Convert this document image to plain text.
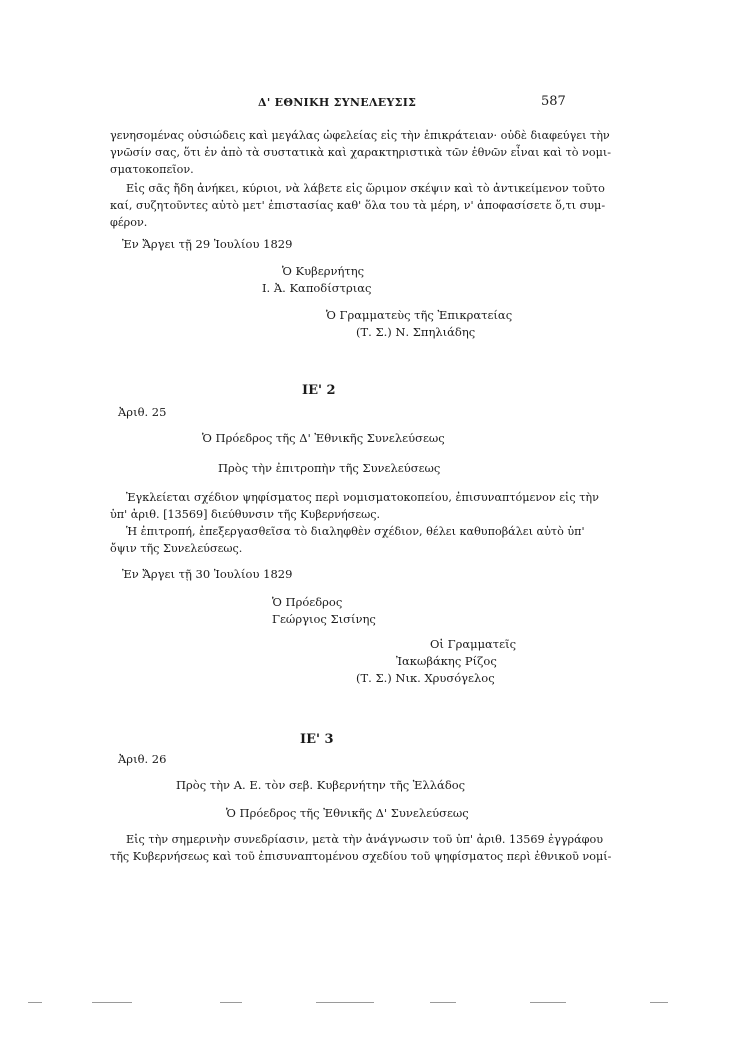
Δ' ΕΘΝΙΚΗ ΣΥΝΕΛΕΥΣΙΣ	587
γενησομένας οὐσιώδεις καὶ μεγάλας ὠφελείας εἰς τὴν ἐπικράτειαν· οὐδὲ διαφεύγει τὴν
γνῶσίν σας, ὅτι ἐν ἀπὸ τὰ συστατικὰ καὶ χαρακτηριστικὰ τῶν ἐθνῶν εἶναι καὶ τὸ νομι-
σματοκοπεῖον.
Εἰς σᾶς ἤδη ἀνήκει, κύριοι, νὰ λάβετε εἰς ὥριμον σκέψιν καὶ τὸ ἀντικείμενον τοῦτο
καί, συζητοῦντες αὐτὸ μετ' ἐπιστασίας καθ' ὅλα του τὰ μέρη, ν' ἀποφασίσετε ὅ,τι συμ-
φέρον.
Ἐν Ἄργει τῇ 29 Ἰουλίου 1829
Ὁ Κυβερνήτης
Ι. Ἀ. Καποδίστριας
Ὁ Γραμματεὺς τῆς Ἐπικρατείας
(Τ. Σ.) Ν. Σπηλιάδης
ΙΕ' 2
Ἀριθ. 25
Ὁ Πρόεδρος τῆς Δ' Ἐθνικῆς Συνελεύσεως
Πρὸς τὴν ἐπιτροπὴν τῆς Συνελεύσεως
Ἐγκλείεται σχέδιον ψηφίσματος περὶ νομισματοκοπείου, ἐπισυναπτόμενον εἰς τὴν
ὑπ' ἀριθ. [13569] διεύθυνσιν τῆς Κυβερνήσεως.
Ἡ ἐπιτροπή, ἐπεξεργασθεῖσα τὸ διαληφθὲν σχέδιον, θέλει καθυποβάλει αὐτὸ ὑπ'
ὄψιν τῆς Συνελεύσεως.
Ἐν Ἄργει τῇ 30 Ἰουλίου 1829
Ὁ Πρόεδρος
Γεώργιος Σισίνης
Οἱ Γραμματεῖς
Ἰακωβάκης Ρίζος
(Τ. Σ.) Νικ. Χρυσόγελος
ΙΕ' 3
Ἀριθ. 26
Πρὸς τὴν Α. Ε. τὸν σεβ. Κυβερνήτην τῆς Ἑλλάδος
Ὁ Πρόεδρος τῆς Ἐθνικῆς Δ' Συνελεύσεως
Εἰς τὴν σημερινὴν συνεδρίασιν, μετὰ τὴν ἀνάγνωσιν τοῦ ὑπ' ἀριθ. 13569 ἐγγράφου
τῆς Κυβερνήσεως καὶ τοῦ ἐπισυναπτομένου σχεδίου τοῦ ψηφίσματος περὶ ἐθνικοῦ νομί-
